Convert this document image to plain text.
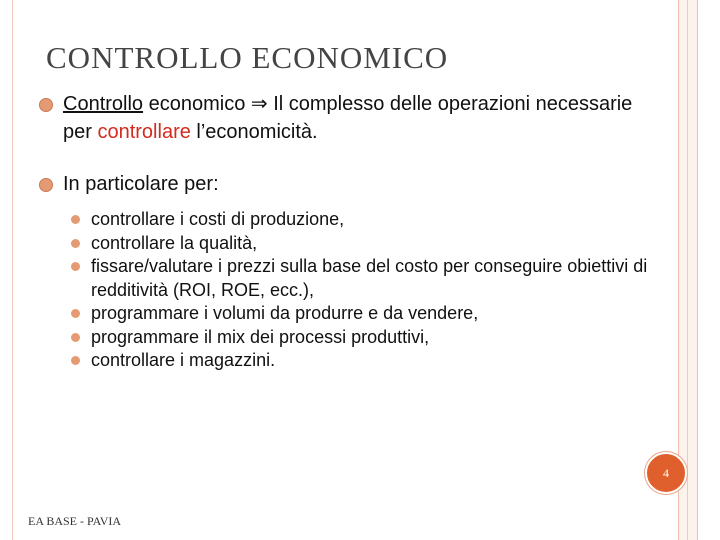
CONTROLLO ECONOMICO
Controllo economico ⇒ Il complesso delle operazioni necessarie per controllare l’economicità.
In particolare per:
controllare i costi di produzione,
controllare la qualità,
fissare/valutare i prezzi sulla base del costo per conseguire obiettivi di redditività (ROI, ROE, ecc.),
programmare i volumi da produrre e da vendere,
programmare il mix dei processi produttivi,
controllare i magazzini.
4
EA BASE - PAVIA
